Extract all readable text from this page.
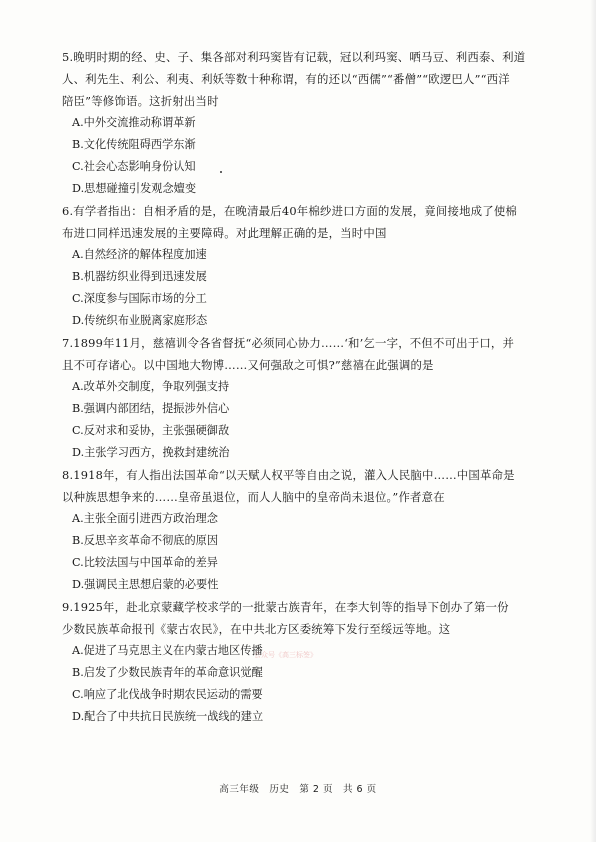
5.晚明时期的经、史、子、集各部对利玛窦皆有记载，冠以利玛窦、哂马豆、利西泰、利道
人、利先生、利公、利夷、利妖等数十种称谓，有的还以“西儒”“番僧”“欧逻巴人”“西洋
陪臣”等修饰语。这折射出当时

A.中外交流推动称谓革新
B.文化传统阻碍西学东渐
C.社会心态影响身份认知
D.思想碰撞引发观念嬗变

6.有学者指出：自相矛盾的是，在晚清最后40年棉纱进口方面的发展，竟间接地成了使棉
布进口同样迅速发展的主要障碍。对此理解正确的是，当时中国

A.自然经济的解体程度加速
B.机器纺织业得到迅速发展
C.深度参与国际市场的分工
D.传统织布业脱离家庭形态

7.1899年11月，慈禧训令各省督抚“必须同心协力……‘和’乞一字，不但不可出于口，并
且不可存诸心。以中国地大物博……又何强敌之可惧?”慈禧在此强调的是

A.改革外交制度，争取列强支持
B.强调内部团结，提振涉外信心
C.反对求和妥协，主张强硬御敌
D.主张学习西方，挽救封建统治

8.1918年，有人指出法国革命“以天赋人权平等自由之说，灌入人民脑中……中国革命是
以种族思想争来的……皇帝虽退位，而人人脑中的皇帝尚未退位。”作者意在

A.主张全面引进西方政治理念
B.反思辛亥革命不彻底的原因
C.比较法国与中国革命的差异
D.强调民主思想启蒙的必要性

9.1925年，赴北京蒙藏学校求学的一批蒙古族青年，在李大钊等的指导下创办了第一份
少数民族革命报刊《蒙古农民》，在中共北方区委统筹下发行至绥远等地。这

A.促进了马克思主义在内蒙古地区传播
B.启发了少数民族青年的革命意识觉醒
C.响应了北伐战争时期农民运动的需要
D.配合了中共抗日民族统一战线的建立
公众号《高三标签》
高三年级　历史　第 2 页　共 6 页
